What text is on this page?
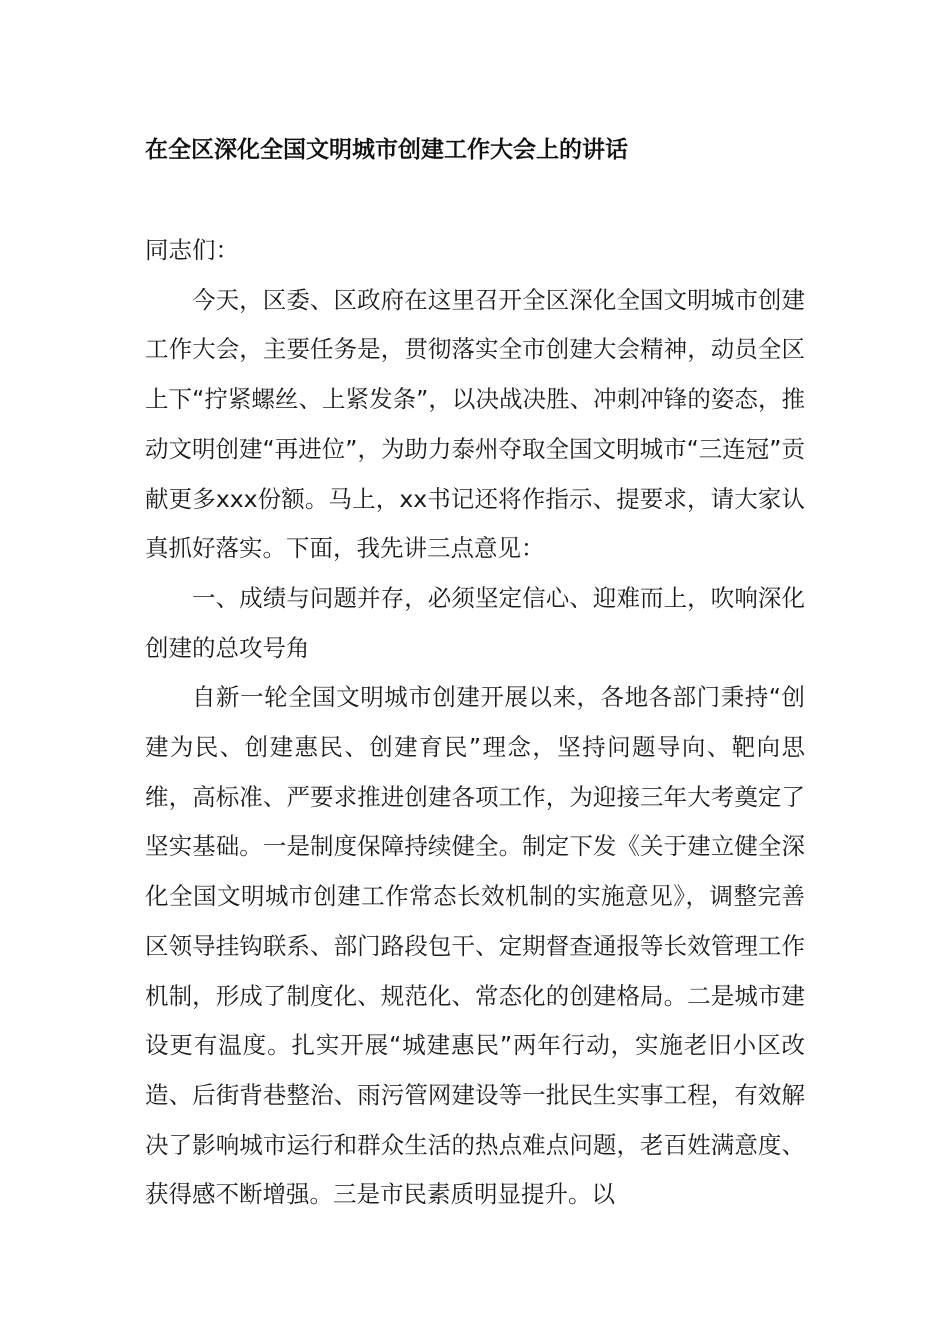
在全区深化全国文明城市创建工作大会上的讲话

同志们：

今天，区委、区政府在这里召开全区深化全国文明城市创建工作大会，主要任务是，贯彻落实全市创建大会精神，动员全区上下“拧紧螺丝、上紧发条”，以决战决胜、冲刺冲锋的姿态，推动文明创建“再进位”，为助力泰州夺取全国文明城市“三连冠”贡献更多xxx份额。马上，xx书记还将作指示、提要求，请大家认真抓好落实。下面，我先讲三点意见：

一、成绩与问题并存，必须坚定信心、迎难而上，吹响深化创建的总攻号角

自新一轮全国文明城市创建开展以来，各地各部门秉持“创建为民、创建惠民、创建育民”理念，坚持问题导向、靶向思维，高标准、严要求推进创建各项工作，为迎接三年大考奠定了坚实基础。一是制度保障持续健全。制定下发《关于建立健全深化全国文明城市创建工作常态长效机制的实施意见》，调整完善区领导挂钩联系、部门路段包干、定期督查通报等长效管理工作机制，形成了制度化、规范化、常态化的创建格局。二是城市建设更有温度。扎实开展“城建惠民”两年行动，实施老旧小区改造、后街背巷整治、雨污管网建设等一批民生实事工程，有效解决了影响城市运行和群众生活的热点难点问题，老百姓满意度、获得感不断增强。三是市民素质明显提升。以
